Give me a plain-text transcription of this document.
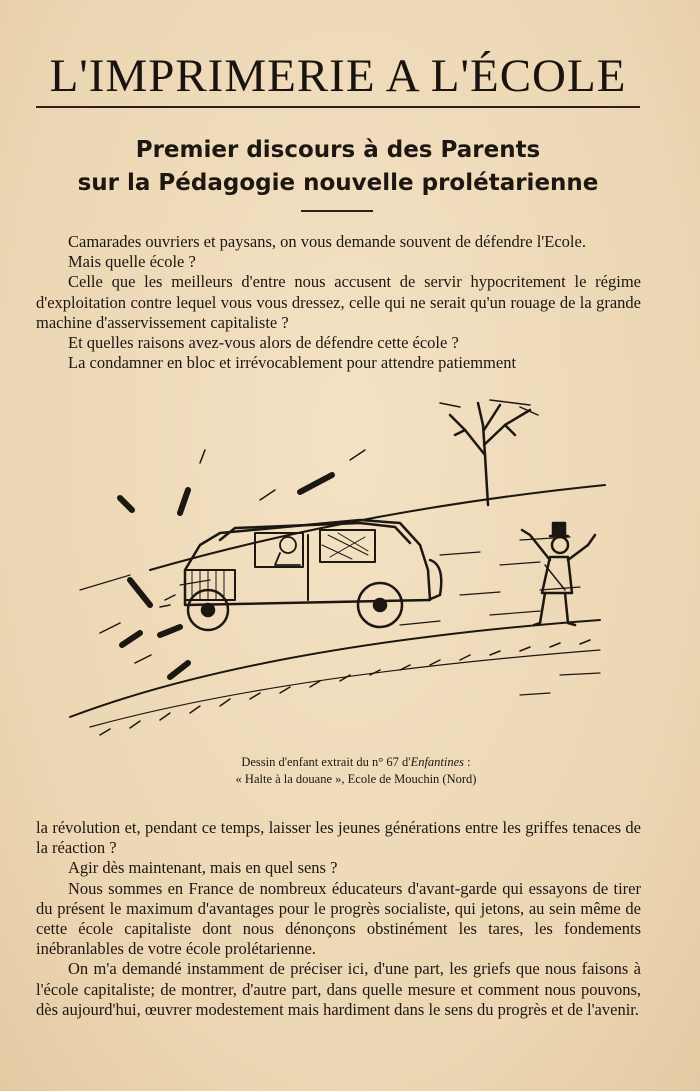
L'IMPRIMERIE A L'ÉCOLE
Premier discours à des Parents
sur la Pédagogie nouvelle prolétarienne

Camarades ouvriers et paysans, on vous demande souvent de défendre l'Ecole.

Mais quelle école ?

Celle que les meilleurs d'entre nous accusent de servir hypocritement le régime d'exploitation contre lequel vous vous dressez, celle qui ne serait qu'un rouage de la grande machine d'asservissement capitaliste ?

Et quelles raisons avez-vous alors de défendre cette école ?

La condamner en bloc et irrévocablement pour attendre patiemment

Dessin d'enfant extrait du n° 67 d'Enfantines :
« Halte à la douane », Ecole de Mouchin (Nord)

la révolution et, pendant ce temps, laisser les jeunes générations entre les griffes tenaces de la réaction ?

Agir dès maintenant, mais en quel sens ?

Nous sommes en France de nombreux éducateurs d'avant-garde qui essayons de tirer du présent le maximum d'avantages pour le progrès socialiste, qui jetons, au sein même de cette école capitaliste dont nous dénonçons obstinément les tares, les fondements inébranlables de votre école prolétarienne.

On m'a demandé instamment de préciser ici, d'une part, les griefs que nous faisons à l'école capitaliste; de montrer, d'autre part, dans quelle mesure et comment nous pouvons, dès aujourd'hui, œuvrer modestement mais hardiment dans le sens du progrès et de l'avenir.
